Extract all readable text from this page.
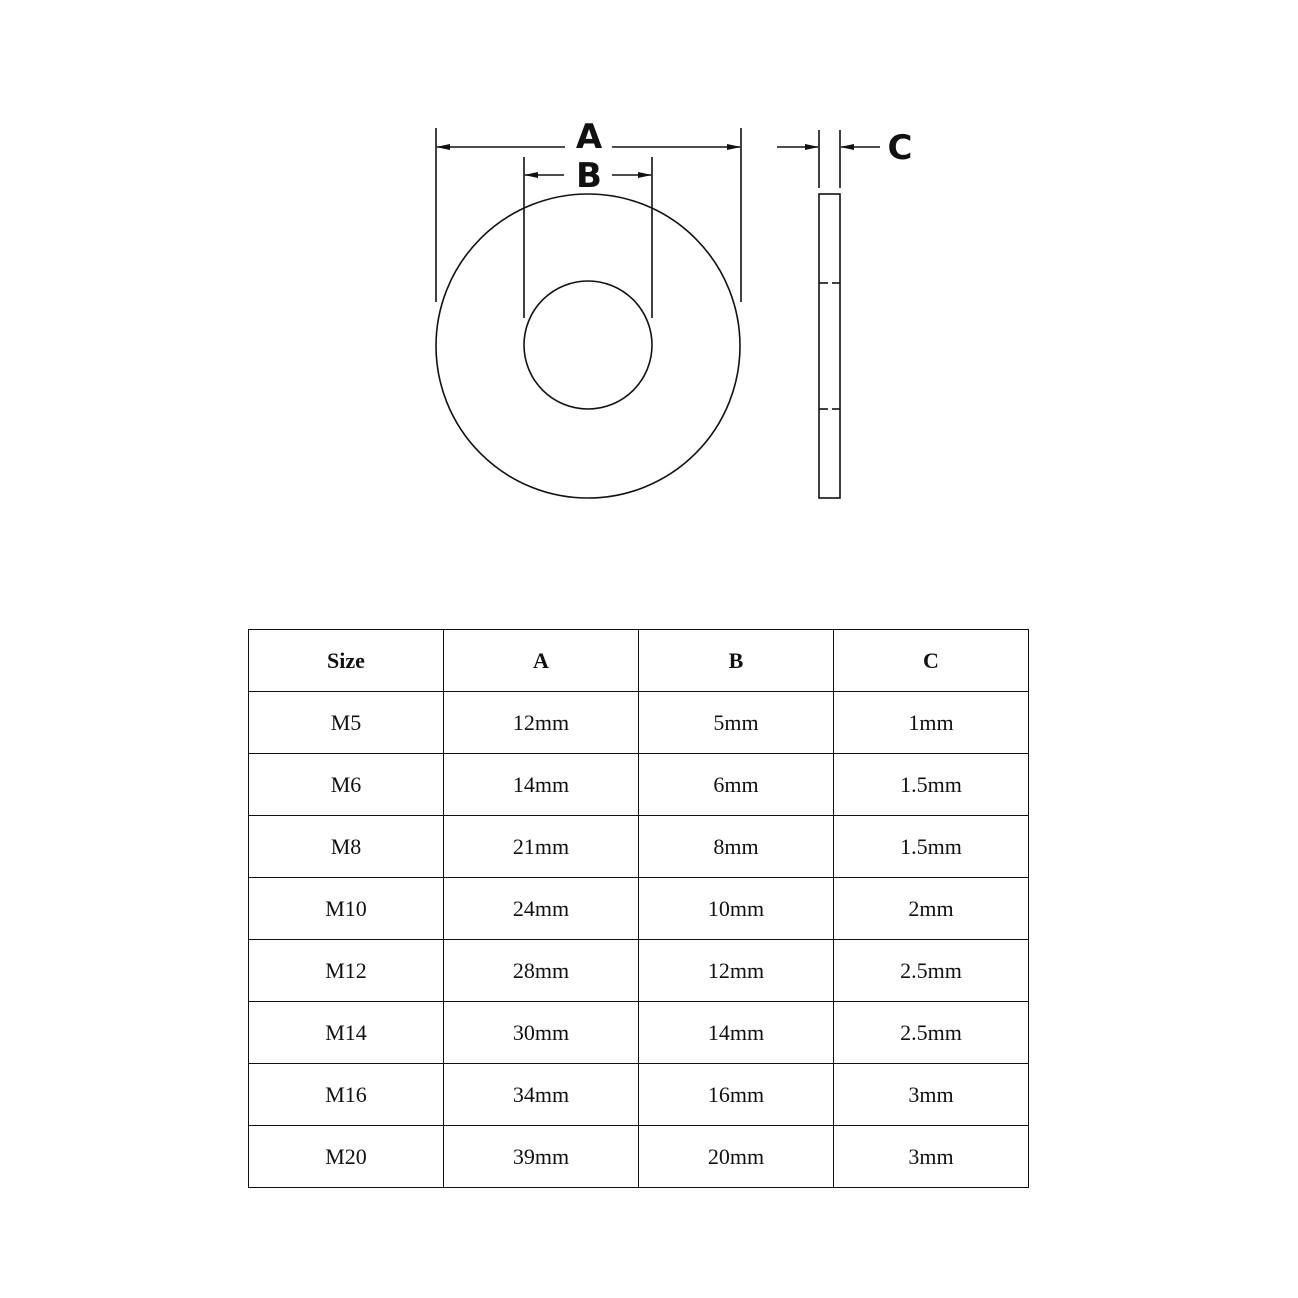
A
B
C
Size	A	B	C
M5	12mm	5mm	1mm
M6	14mm	6mm	1.5mm
M8	21mm	8mm	1.5mm
M10	24mm	10mm	2mm
M12	28mm	12mm	2.5mm
M14	30mm	14mm	2.5mm
M16	34mm	16mm	3mm
M20	39mm	20mm	3mm
